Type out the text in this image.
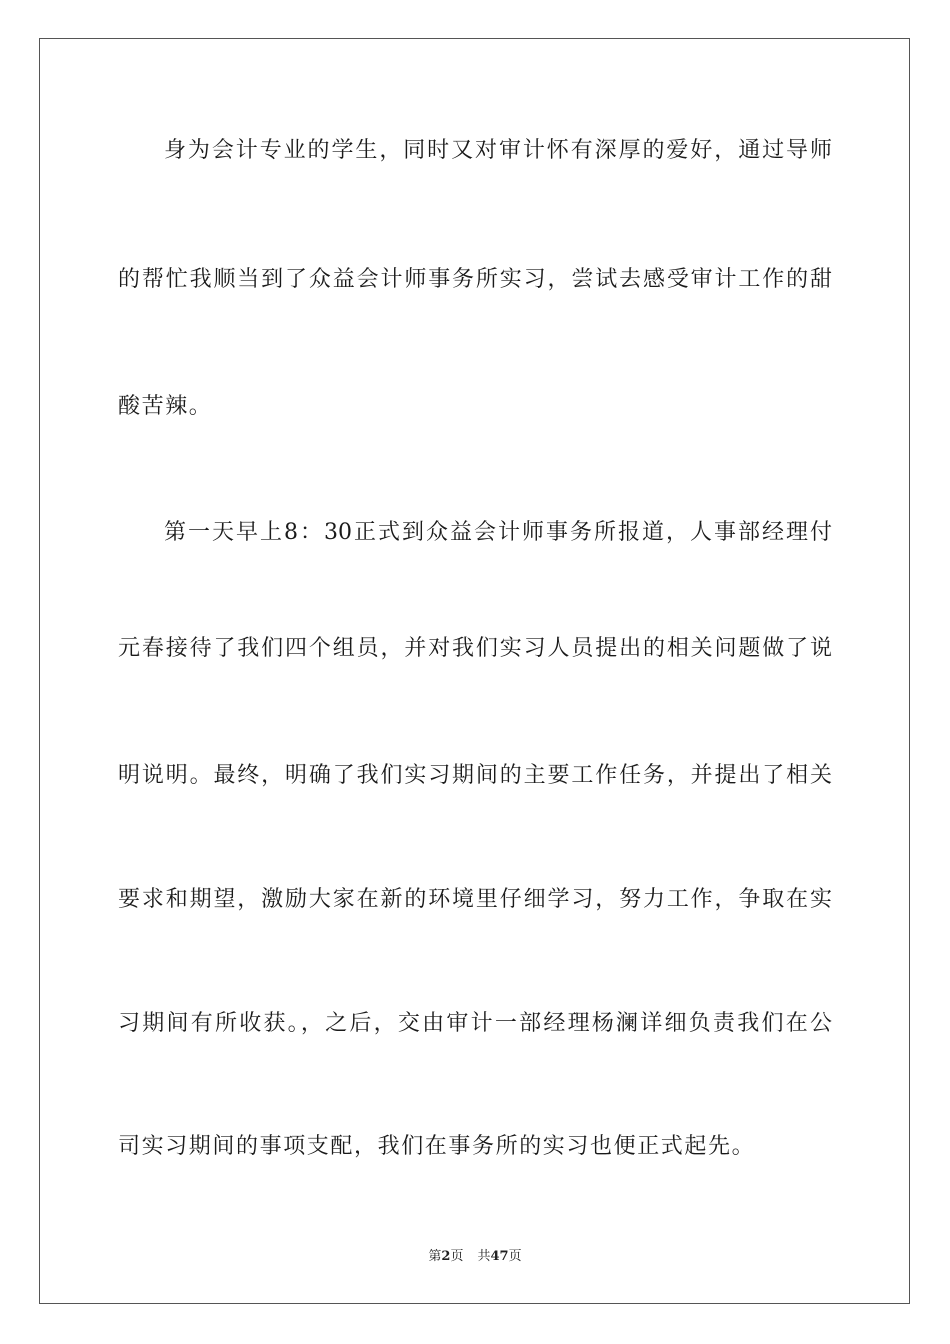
身为会计专业的学生，同时又对审计怀有深厚的爱好，通过导师
的帮忙我顺当到了众益会计师事务所实习，尝试去感受审计工作的甜
酸苦辣。
第一天早上8：30正式到众益会计师事务所报道，人事部经理付
元春接待了我们四个组员，并对我们实习人员提出的相关问题做了说
明说明。最终，明确了我们实习期间的主要工作任务，并提出了相关
要求和期望，激励大家在新的环境里仔细学习，努力工作，争取在实
习期间有所收获。，之后，交由审计一部经理杨澜详细负责我们在公
司实习期间的事项支配，我们在事务所的实习也便正式起先。
第2页 共47页
